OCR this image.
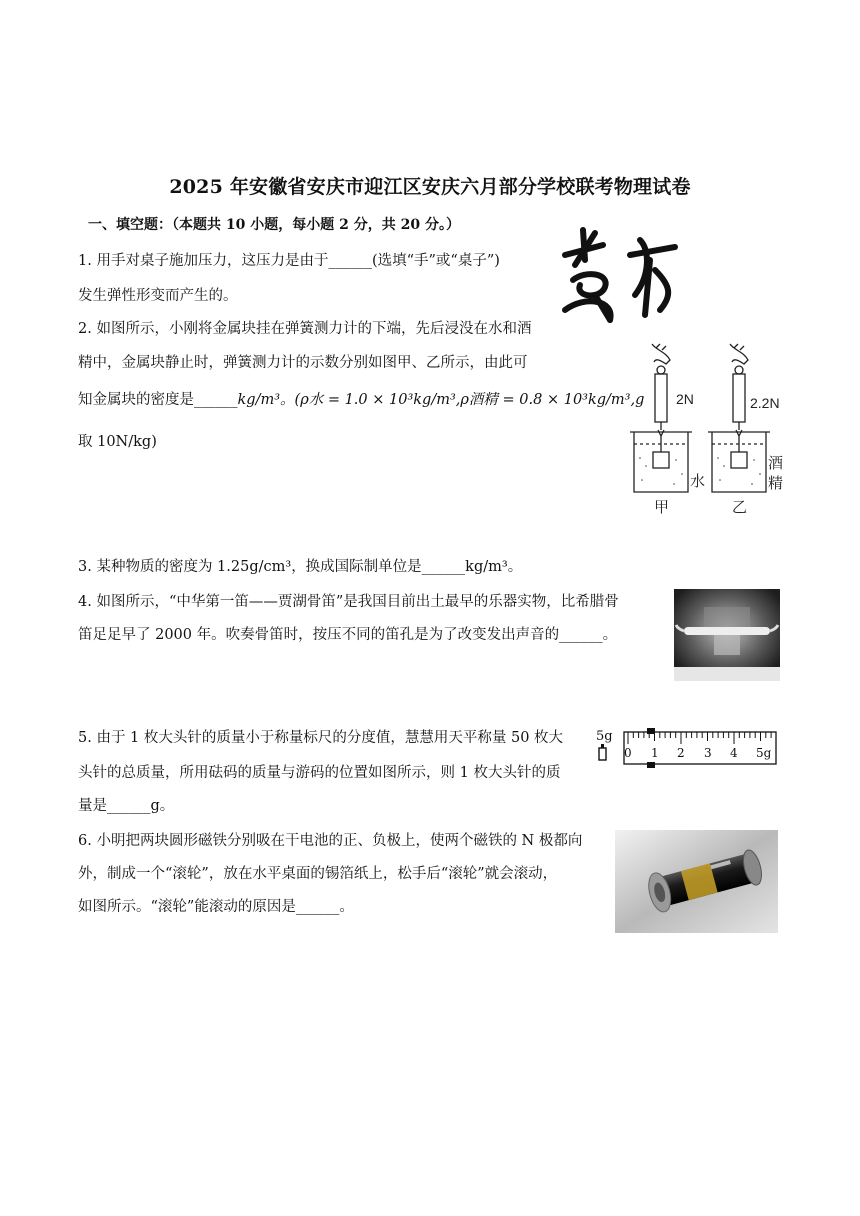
2025 年安徽省安庆市迎江区安庆六月部分学校联考物理试卷
一、填空题：（本题共 10 小题，每小题 2 分，共 20 分。）
1. 用手对桌子施加压力，这压力是由于______(选填“手”或“桌子”)
发生弹性形变而产生的。
2. 如图所示，小刚将金属块挂在弹簧测力计的下端，先后浸没在水和酒
精中，金属块静止时，弹簧测力计的示数分别如图甲、乙所示，由此可
知金属块的密度是______kg/m³。(ρ水 = 1.0 × 10³kg/m³,ρ酒精 = 0.8 × 10³kg/m³,g
取 10N/kg)
2N	2.2N
水
酒
精
甲	乙
3. 某种物质的密度为 1.25g/cm³，换成国际制单位是______kg/m³。
4. 如图所示，“中华第一笛——贾湖骨笛”是我国目前出土最早的乐器实物，比希腊骨
笛足足早了 2000 年。吹奏骨笛时，按压不同的笛孔是为了改变发出声音的______。
5. 由于 1 枚大头针的质量小于称量标尺的分度值，慧慧用天平称量 50 枚大
头针的总质量，所用砝码的质量与游码的位置如图所示，则 1 枚大头针的质
量是______g。
5g
0 1 2 3 4 5g
6. 小明把两块圆形磁铁分别吸在干电池的正、负极上，使两个磁铁的 N 极都向
外，制成一个“滚轮”，放在水平桌面的锡箔纸上，松手后“滚轮”就会滚动，
如图所示。“滚轮”能滚动的原因是______。
